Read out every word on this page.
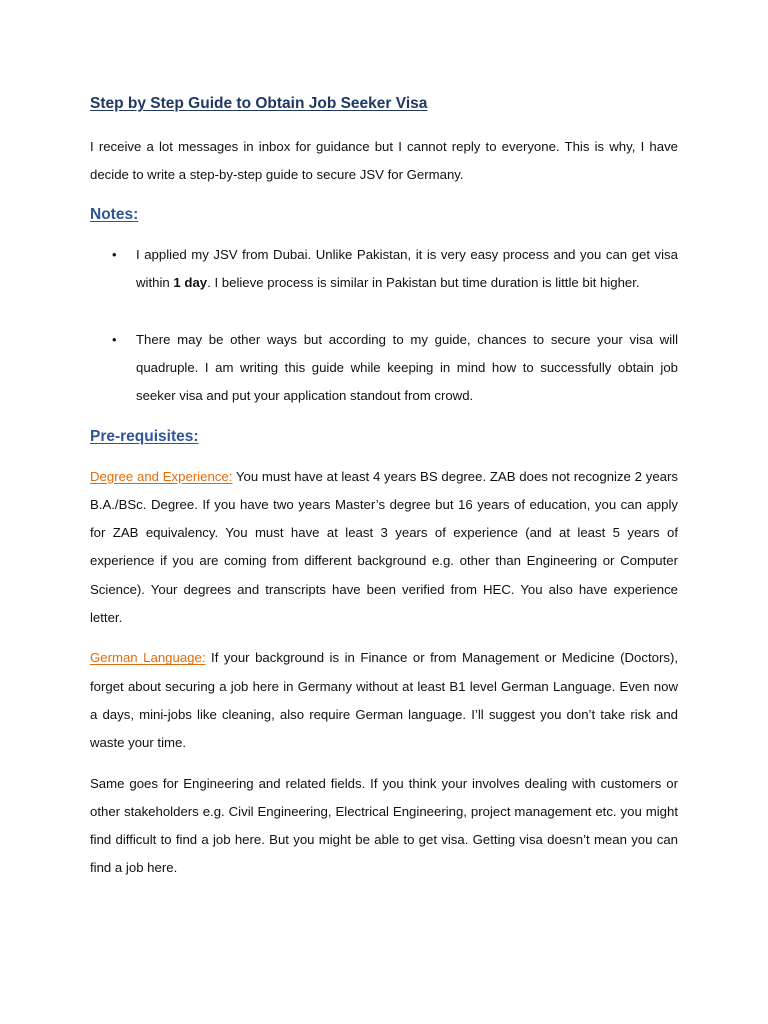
Step by Step Guide to Obtain Job Seeker Visa

I receive a lot messages in inbox for guidance but I cannot reply to everyone. This is why, I have decide to write a step-by-step guide to secure JSV for Germany.

Notes:
• I applied my JSV from Dubai. Unlike Pakistan, it is very easy process and you can get visa within 1 day. I believe process is similar in Pakistan but time duration is little bit higher.
• There may be other ways but according to my guide, chances to secure your visa will quadruple. I am writing this guide while keeping in mind how to successfully obtain job seeker visa and put your application standout from crowd.
Pre-requisites:

Degree and Experience: You must have at least 4 years BS degree. ZAB does not recognize 2 years B.A./BSc. Degree. If you have two years Master’s degree but 16 years of education, you can apply for ZAB equivalency. You must have at least 3 years of experience (and at least 5 years of experience if you are coming from different background e.g. other than Engineering or Computer Science). Your degrees and transcripts have been verified from HEC. You also have experience letter.

German Language: If your background is in Finance or from Management or Medicine (Doctors), forget about securing a job here in Germany without at least B1 level German Language. Even now a days, mini-jobs like cleaning, also require German language. I’ll suggest you don’t take risk and waste your time.

Same goes for Engineering and related fields. If you think your involves dealing with customers or other stakeholders e.g. Civil Engineering, Electrical Engineering, project management etc. you might find difficult to find a job here. But you might be able to get visa. Getting visa doesn’t mean you can find a job here.
